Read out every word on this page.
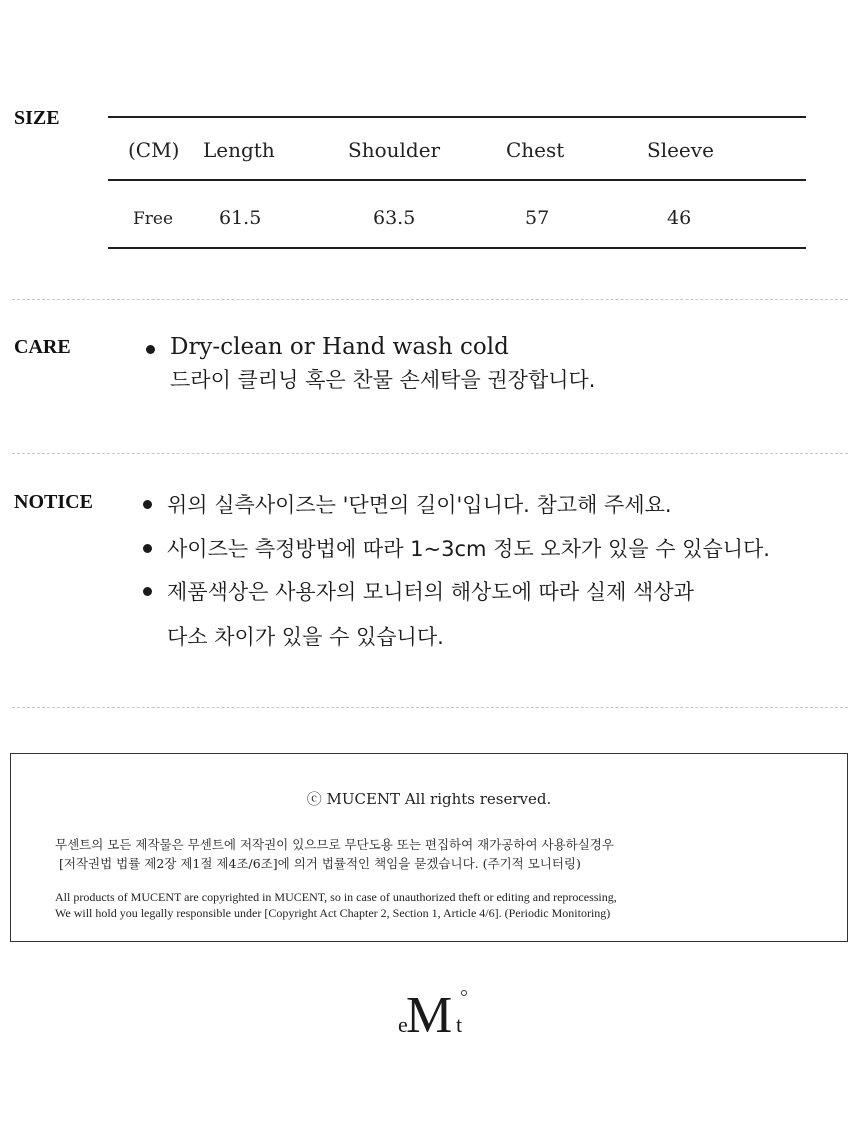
SIZE
(CM) Length	Shoulder	Chest	Sleeve
Free 61.5	63.5	57	46
CARE	Dry-clean or Hand wash cold
드라이 클리닝 혹은 찬물 손세탁을 권장합니다.
NOTICE	위의 실측사이즈는 '단면의 길이'입니다. 참고해 주세요.
사이즈는 측정방법에 따라 1~3cm 정도 오차가 있을 수 있습니다.
제품색상은 사용자의 모니터의 해상도에 따라 실제 색상과
다소 차이가 있을 수 있습니다.
ⓒ MUCENT All rights reserved.
무센트의 모든 제작물은 무센트에 저작권이 있으므로 무단도용 또는 편집하여 재가공하여 사용하실경우
[저작권법 법률 제2장 제1절 제4조/6조]에 의거 법률적인 책임을 묻겠습니다. (주기적 모니터링)
All products of MUCENT are copyrighted in MUCENT, so in case of unauthorized theft or editing and reprocessing,
We will hold you legally responsible under [Copyright Act Chapter 2, Section 1, Article 4/6]. (Periodic Monitoring)
e
M t
